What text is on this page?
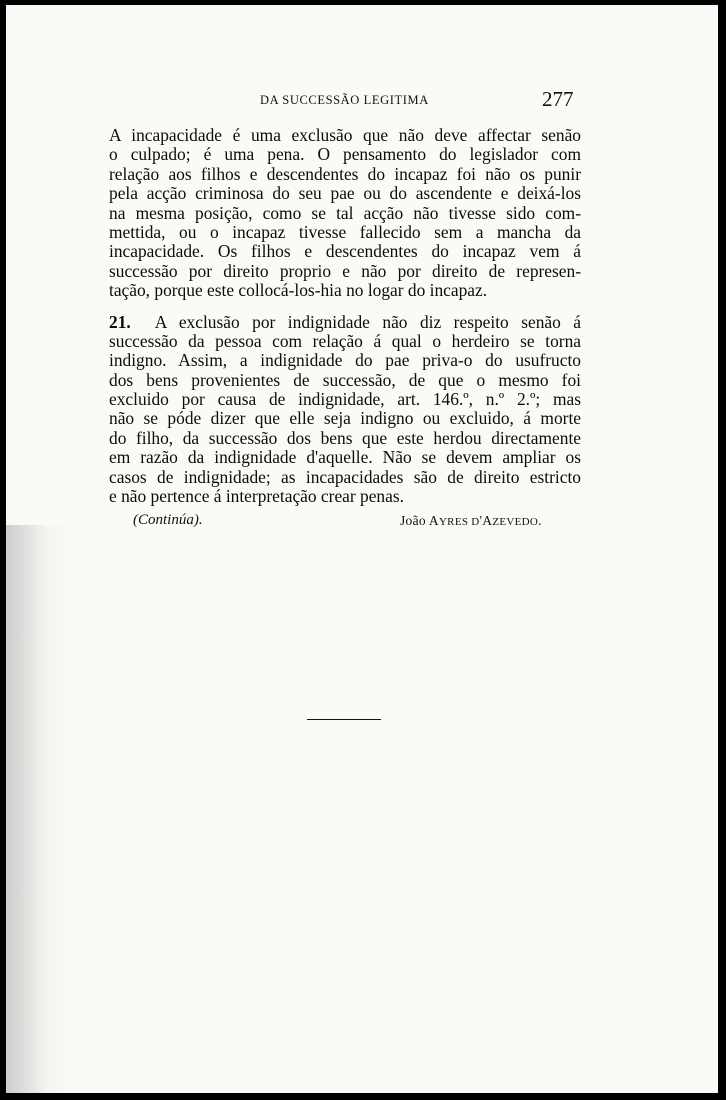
DA SUCCESSÃO LEGITIMA	277
A incapacidade é uma exclusão que não deve affectar senão
o culpado; é uma pena. O pensamento do legislador com
relação aos filhos e descendentes do incapaz foi não os punir
pela acção criminosa do seu pae ou do ascendente e deixá-los
na mesma posição, como se tal acção não tivesse sido com-
mettida, ou o incapaz tivesse fallecido sem a mancha da
incapacidade. Os filhos e descendentes do incapaz vem á
successão por direito proprio e não por direito de represen-
tação, porque este collocá-los-hia no logar do incapaz.
21. A exclusão por indignidade não diz respeito senão á
successão da pessoa com relação á qual o herdeiro se torna
indigno. Assim, a indignidade do pae priva-o do usufructo
dos bens provenientes de successão, de que o mesmo foi
excluido por causa de indignidade, art. 146.º, n.º 2.º; mas
não se póde dizer que elle seja indigno ou excluido, á morte
do filho, da successão dos bens que este herdou directamente
em razão da indignidade d'aquelle. Não se devem ampliar os
casos de indignidade; as incapacidades são de direito estricto
e não pertence á interpretação crear penas.
(Continúa).	João AYRES D'AZEVEDO.
